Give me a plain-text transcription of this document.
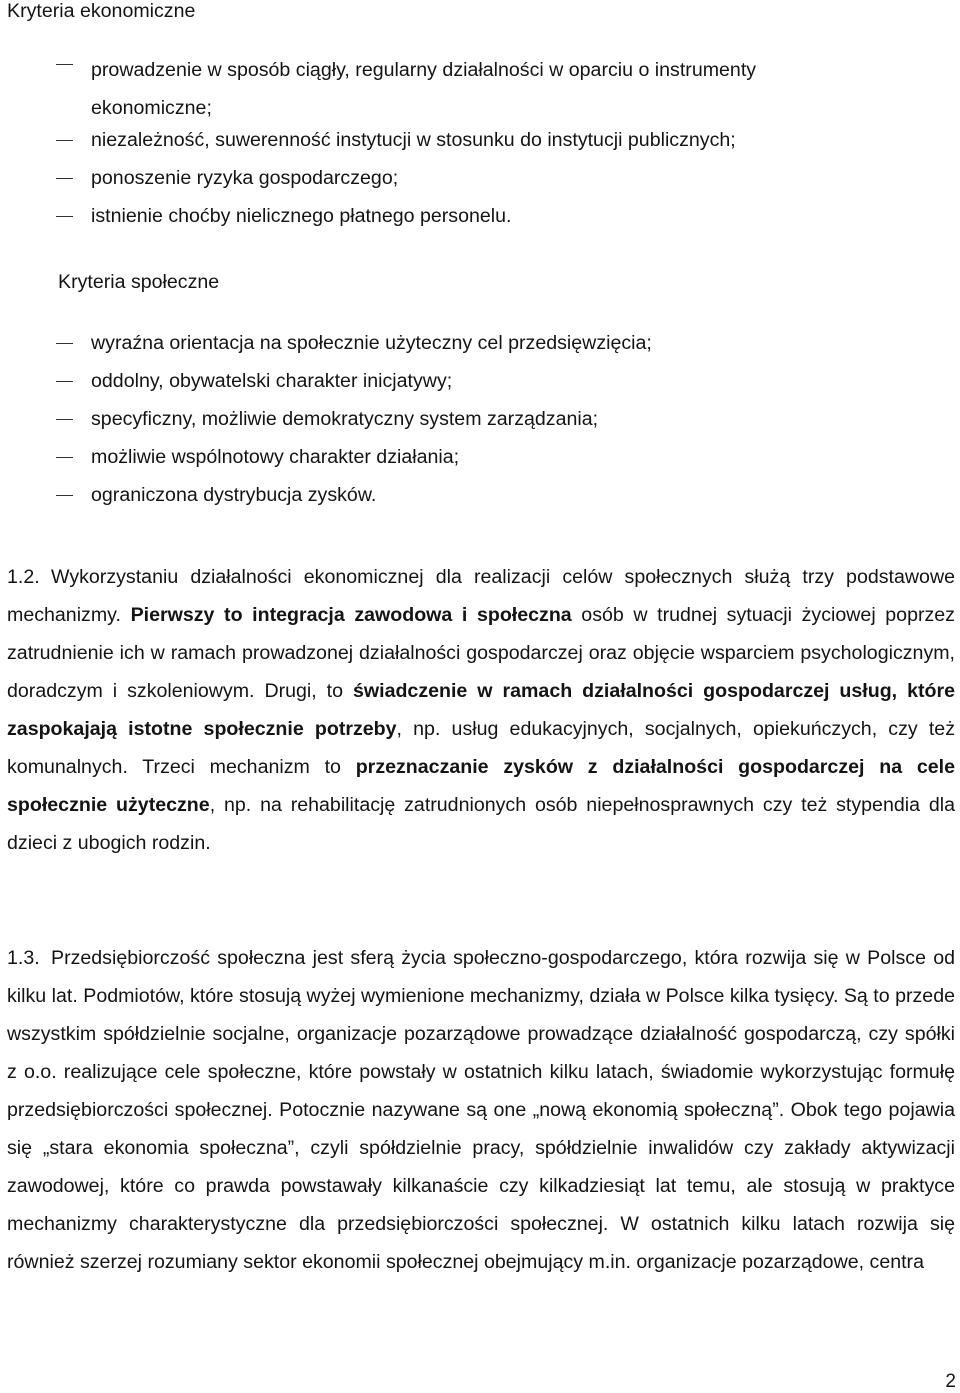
Kryteria ekonomiczne
prowadzenie w sposób ciągły, regularny działalności w oparciu o instrumenty ekonomiczne;
niezależność, suwerenność instytucji w stosunku do instytucji publicznych;
ponoszenie ryzyka gospodarczego;
istnienie choćby nielicznego płatnego personelu.
Kryteria społeczne
wyraźna orientacja na społecznie użyteczny cel przedsięwzięcia;
oddolny, obywatelski charakter inicjatywy;
specyficzny, możliwie demokratyczny system zarządzania;
możliwie wspólnotowy charakter działania;
ograniczona dystrybucja zysków.
1.2. Wykorzystaniu działalności ekonomicznej dla realizacji celów społecznych służą trzy podstawowe mechanizmy. Pierwszy to integracja zawodowa i społeczna osób w trudnej sytuacji życiowej poprzez zatrudnienie ich w ramach prowadzonej działalności gospodarczej oraz objęcie wsparciem psychologicznym, doradczym i szkoleniowym. Drugi, to świadczenie w ramach działalności gospodarczej usług, które zaspokajają istotne społecznie potrzeby, np. usług edukacyjnych, socjalnych, opiekuńczych, czy też komunalnych. Trzeci mechanizm to przeznaczanie zysków z działalności gospodarczej na cele społecznie użyteczne, np. na rehabilitację zatrudnionych osób niepełnosprawnych czy też stypendia dla dzieci z ubogich rodzin.

1.3. Przedsiębiorczość społeczna jest sferą życia społeczno-gospodarczego, która rozwija się w Polsce od kilku lat. Podmiotów, które stosują wyżej wymienione mechanizmy, działa w Polsce kilka tysięcy. Są to przede wszystkim spółdzielnie socjalne, organizacje pozarządowe prowadzące działalność gospodarczą, czy spółki z o.o. realizujące cele społeczne, które powstały w ostatnich kilku latach, świadomie wykorzystując formułę przedsiębiorczości społecznej. Potocznie nazywane są one „nową ekonomią społeczną”. Obok tego pojawia się „stara ekonomia społeczna”, czyli spółdzielnie pracy, spółdzielnie inwalidów czy zakłady aktywizacji zawodowej, które co prawda powstawały kilkanaście czy kilkadziesiąt lat temu, ale stosują w praktyce mechanizmy charakterystyczne dla przedsiębiorczości społecznej. W ostatnich kilku latach rozwija się również szerzej rozumiany sektor ekonomii społecznej obejmujący m.in. organizacje pozarządowe, centra

2
